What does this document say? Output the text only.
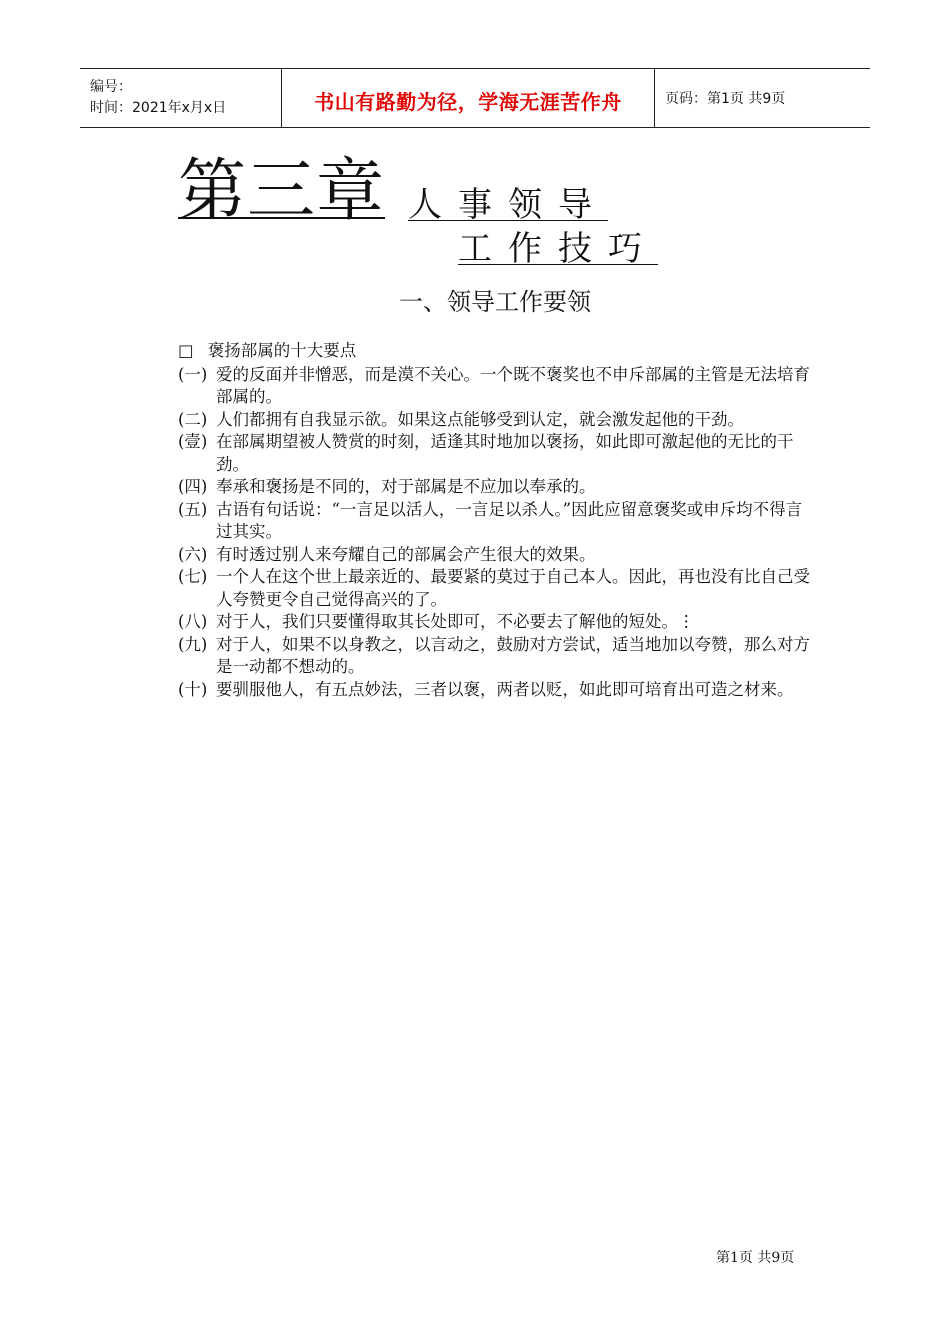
编号：
时间：2021年x月x日	书山有路勤为径，学海无涯苦作舟	页码：第1页 共9页
第三章 人事领导
工作技巧
一、领导工作要领
□ 褒扬部属的十大要点
(一) 爱的反面并非憎恶，而是漠不关心。一个既不褒奖也不申斥部属的主管是无法培育部属的。
(二) 人们都拥有自我显示欲。如果这点能够受到认定，就会激发起他的干劲。
(壹) 在部属期望被人赞赏的时刻，适逢其时地加以褒扬，如此即可激起他的无比的干劲。
(四) 奉承和褒扬是不同的，对于部属是不应加以奉承的。
(五) 古语有句话说：“一言足以活人，一言足以杀人。”因此应留意褒奖或申斥均不得言过其实。
(六) 有时透过别人来夸耀自己的部属会产生很大的效果。
(七) 一个人在这个世上最亲近的、最要紧的莫过于自己本人。因此，再也没有比自己受人夸赞更令自己觉得高兴的了。
(八) 对于人，我们只要懂得取其长处即可，不必要去了解他的短处。⋮
(九) 对于人，如果不以身教之，以言动之，鼓励对方尝试，适当地加以夸赞，那么对方是一动都不想动的。
(十) 要驯服他人，有五点妙法，三者以褒，两者以贬，如此即可培育出可造之材来。
第1页 共9页
